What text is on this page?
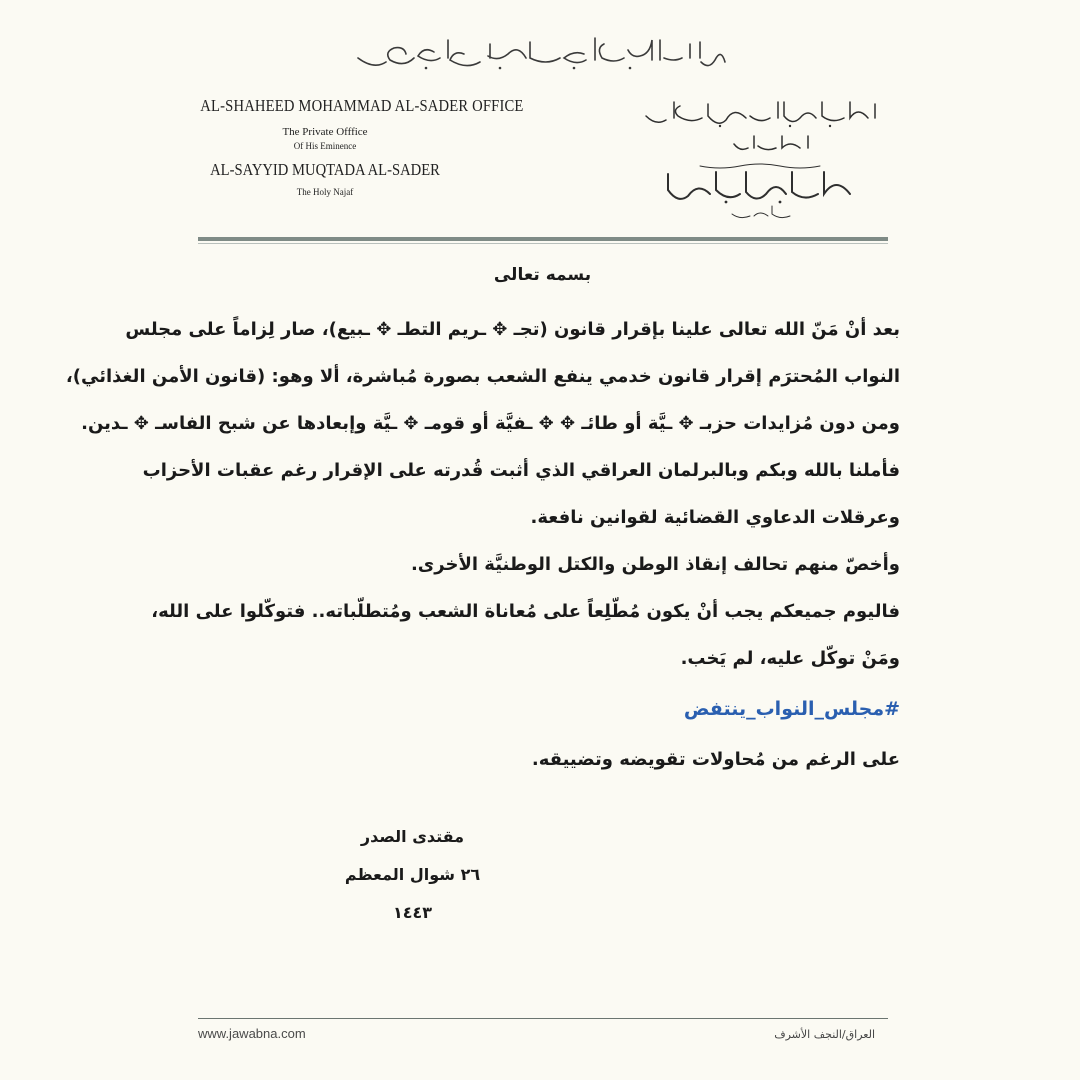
AL-SHAHEED MOHAMMAD AL-SADER OFFICE
The Private Offfice
Of His Eminence
AL-SAYYID MUQTADA AL-SADER
The Holy Najaf
بسمه تعالى

بعد أنْ مَنّ الله تعالى علينا بإقرار قانون (تجـ ✥ ـريم التطـ ✥ ـبيع)، صار لِزاماً على مجلس

النواب المُحترَم إقرار قانون خدمي ينفع الشعب بصورة مُباشرة، ألا وهو: (قانون الأمن الغذائي)،

ومن دون مُزايدات حزبـ ✥ ـيَّة أو طائـ ✥ ✥ ـفيَّة أو قومـ ✥ ـيَّة وإبعادها عن شبح الفاسـ ✥ ـدين.

فأملنا بالله وبكم وبالبرلمان العراقي الذي أثبت قُدرته على الإقرار رغم عقبات الأحزاب

وعرقلات الدعاوي القضائية لقوانين نافعة.

وأخصّ منهم تحالف إنقاذ الوطن والكتل الوطنيَّة الأخرى.

فاليوم جميعكم يجب أنْ يكون مُطّلِعاً على مُعاناة الشعب ومُتطلّباته.. فتوكّلوا على الله،

ومَنْ توكّل عليه، لم يَخب.

#مجلس_النواب_ينتفض

على الرغم من مُحاولات تقويضه وتضييقه.

مقتدى الصدر
٢٦ شوال المعظم ١٤٤٣
www.jawabna.com	العراق/النجف الأشرف
